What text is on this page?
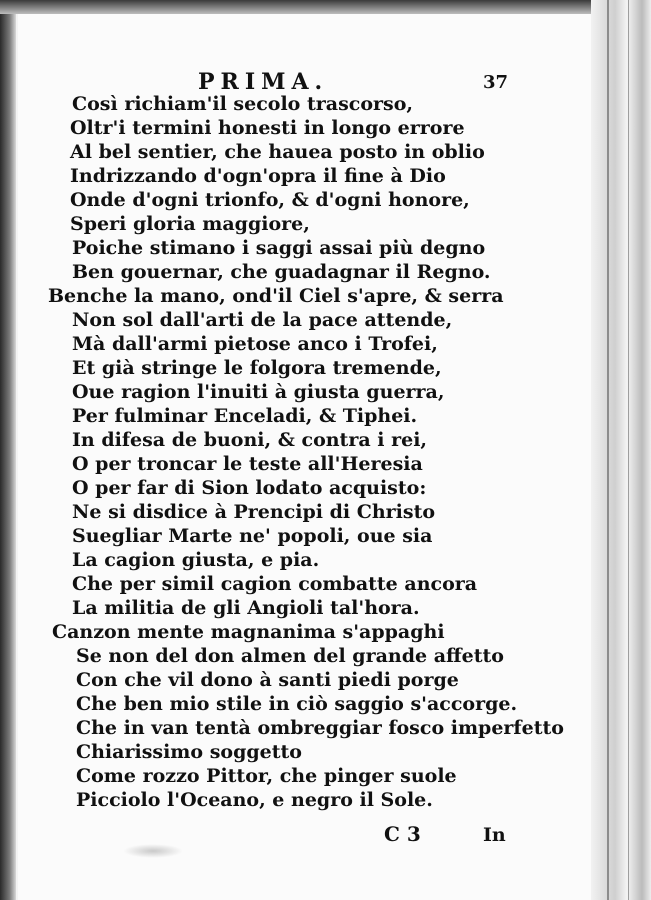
PRIMA.	37
Così richiam'il secolo trascorso,
Oltr'i termini honesti in longo errore
Al bel sentier, che hauea posto in oblio
Indrizzando d'ogn'opra il fine à Dio
Onde d'ogni trionfo, & d'ogni honore,
Speri gloria maggiore,
Poiche stimano i saggi assai più degno
Ben gouernar, che guadagnar il Regno.
Benche la mano, ond'il Ciel s'apre, & serra
Non sol dall'arti de la pace attende,
Mà dall'armi pietose anco i Trofei,
Et già stringe le folgora tremende,
Oue ragion l'inuiti à giusta guerra,
Per fulminar Enceladi, & Tiphei.
In difesa de buoni, & contra i rei,
O per troncar le teste all'Heresia
O per far di Sion lodato acquisto:
Ne si disdice à Prencipi di Christo
Suegliar Marte ne' popoli, oue sia
La cagion giusta, e pia.
Che per simil cagion combatte ancora
La militia de gli Angioli tal'hora.
Canzon mente magnanima s'appaghi
Se non del don almen del grande affetto
Con che vil dono à santi piedi porge
Che ben mio stile in ciò saggio s'accorge.
Che in van tentà ombreggiar fosco imperfetto
Chiarissimo soggetto
Come rozzo Pittor, che pinger suole
Picciolo l'Oceano, e negro il Sole.
C 3	In
